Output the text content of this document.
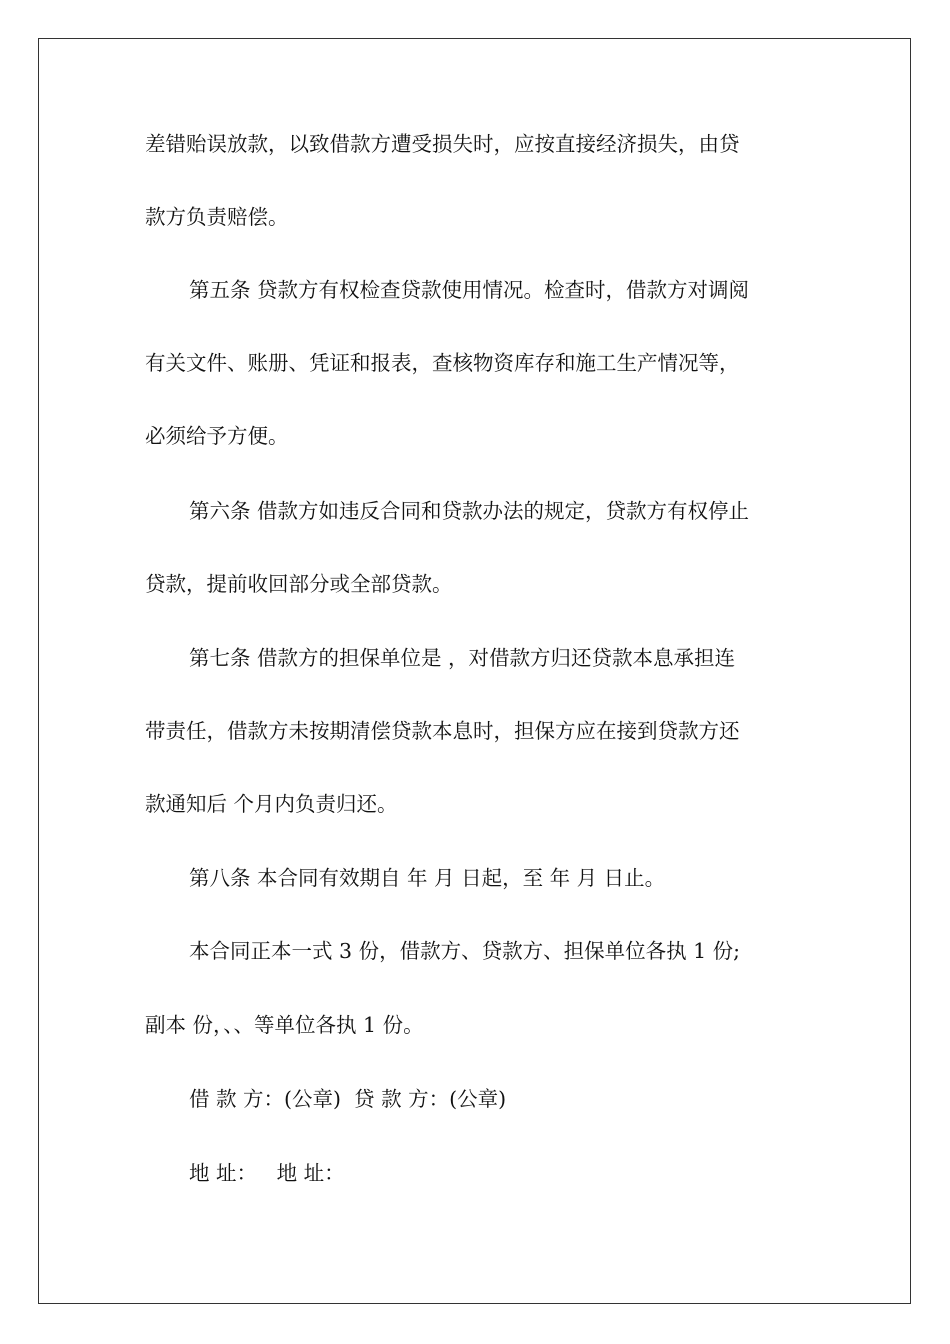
差错贻误放款，以致借款方遭受损失时，应按直接经济损失，由贷
款方负责赔偿。
第五条 贷款方有权检查贷款使用情况。检查时，借款方对调阅
有关文件、账册、凭证和报表，查核物资库存和施工生产情况等，
必须给予方便。
第六条 借款方如违反合同和贷款办法的规定，贷款方有权停止
贷款，提前收回部分或全部贷款。
第七条 借款方的担保单位是 ，对借款方归还贷款本息承担连
带责任，借款方未按期清偿贷款本息时，担保方应在接到贷款方还
款通知后 个月内负责归还。
第八条 本合同有效期自 年 月 日起，至 年 月 日止。
本合同正本一式 3 份，借款方、贷款方、担保单位各执 1 份;
副本 份，、、等单位各执 1 份。
借 款 方：(公章)  贷 款 方：(公章)
地 址：   地 址：
